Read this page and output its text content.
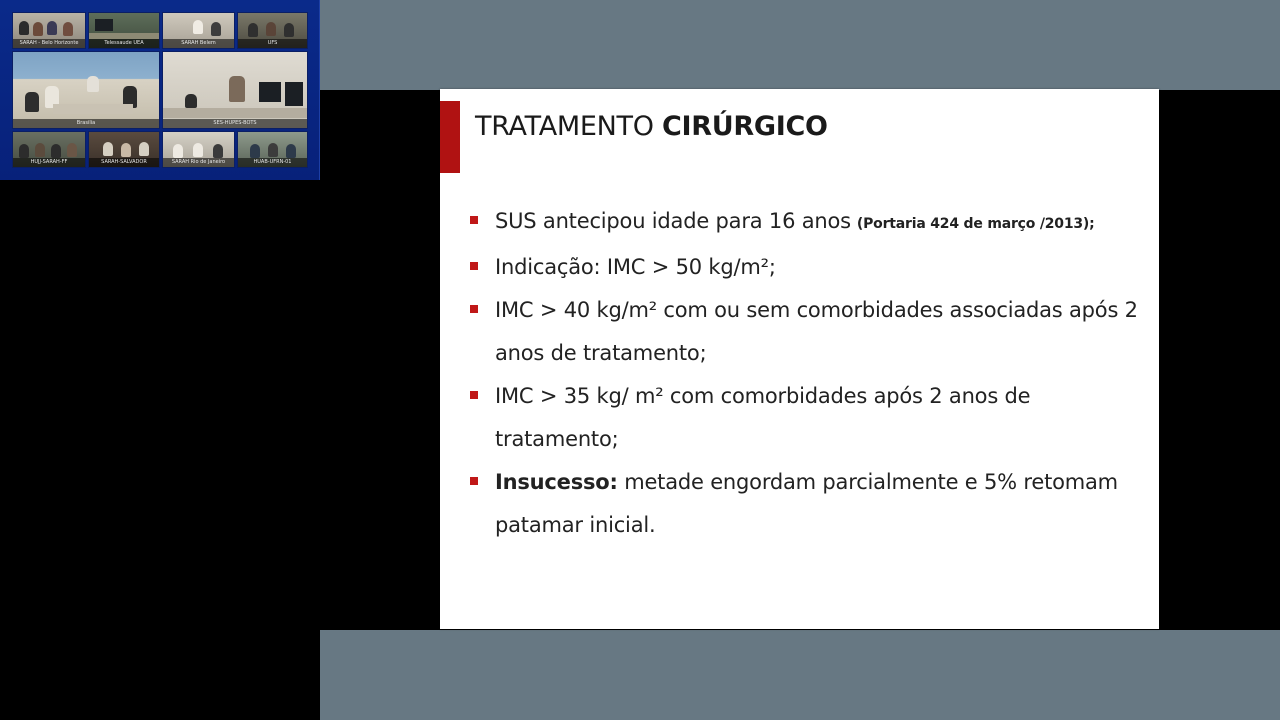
SARAH - Belo Horizonte	Telessaude UEA	SARAH Belem	UFS
Brasilia	SES-HUPES-BOTS
HUJJ-SARAH-FF	SARAH-SALVADOR	SARAH Rio de Janeiro	HUAB-UFRN-01
TRATAMENTO CIRÚRGICO
SUS antecipou idade para 16 anos (Portaria 424 de março /2013);
Indicação: IMC > 50 kg/m²;
IMC > 40 kg/m² com ou sem comorbidades associadas após 2 anos de tratamento;
IMC > 35 kg/ m² com comorbidades após 2 anos de tratamento;
Insucesso: metade engordam parcialmente e 5% retomam patamar inicial.
